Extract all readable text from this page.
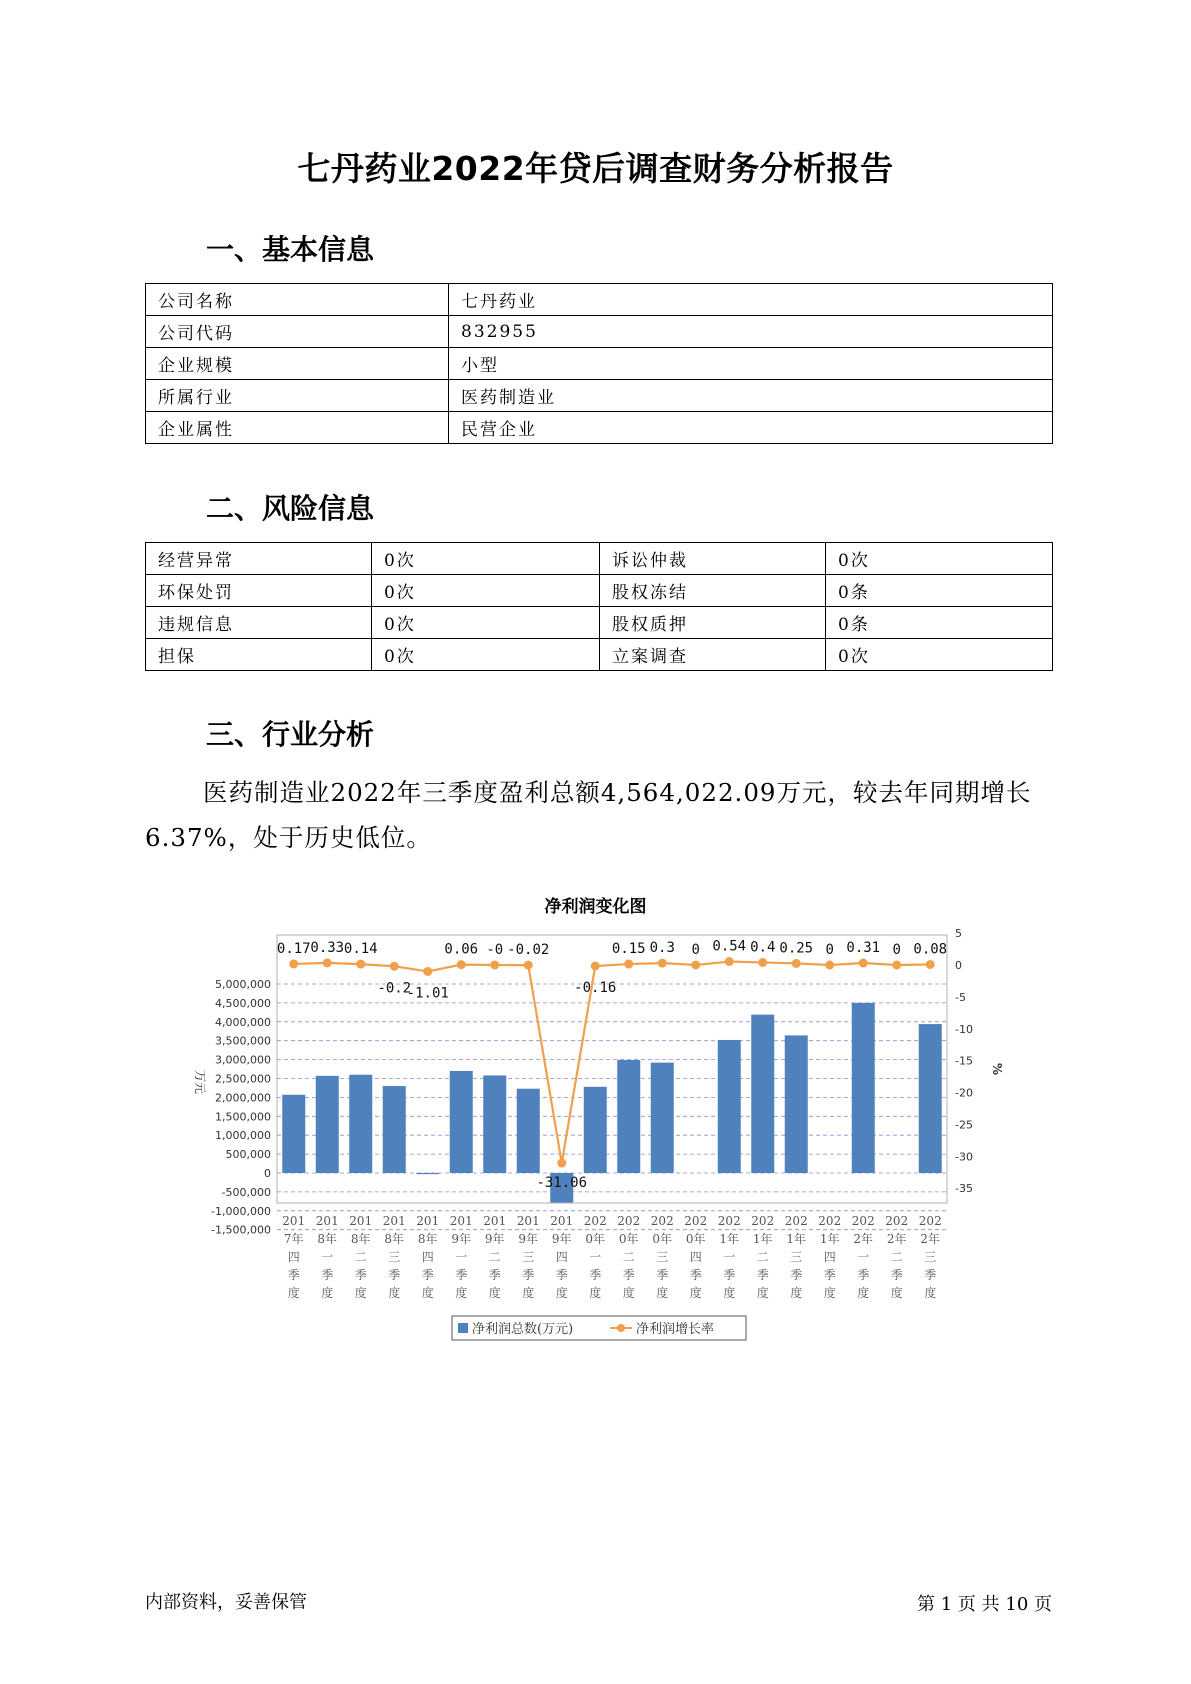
七丹药业2022年贷后调查财务分析报告
一、基本信息
公司名称	七丹药业
公司代码	832955
企业规模	小型
所属行业	医药制造业
企业属性	民营企业
二、风险信息
经营异常	0次	诉讼仲裁	0次
环保处罚	0次	股权冻结	0条
违规信息	0次	股权质押	0条
担保	0次	立案调查	0次
三、行业分析
医药制造业2022年三季度盈利总额4,564,022.09万元，较去年同期增长6.37%，处于历史低位。
净利润变化图
5,000,000
4,500,000
4,000,000
3,500,000
3,000,000
2,500,000
2,000,000
1,500,000
1,000,000
500,000
0
-500,000
-1,000,000
-1,500,000
5
0
-5
-10
-15
-20
-25
-30
-35
万元
%
0.17 0.33 0.14
-0.2
-1.01
0.06 -0 -0.02
-31.06
-0.16
0.15 0.3 0 0.54 0.4 0.25 0 0.31 0 0.08
201
7年
四
季
度
201
8年
一
季
度
201
8年
二
季
度
201
8年
三
季
度
201
8年
四
季
度
201
9年
一
季
度
201
9年
二
季
度
201
9年
三
季
度
201
9年
四
季
度
202
0年
一
季
度
202
0年
二
季
度
202
0年
三
季
度
202
0年
四
季
度
202
1年
一
季
度
202
1年
二
季
度
202
1年
三
季
度
202
1年
四
季
度
202
2年
一
季
度
202
2年
二
季
度
202
2年
三
季
度
净利润总数(万元)	净利润增长率
内部资料，妥善保管	第 1 页 共 10 页
